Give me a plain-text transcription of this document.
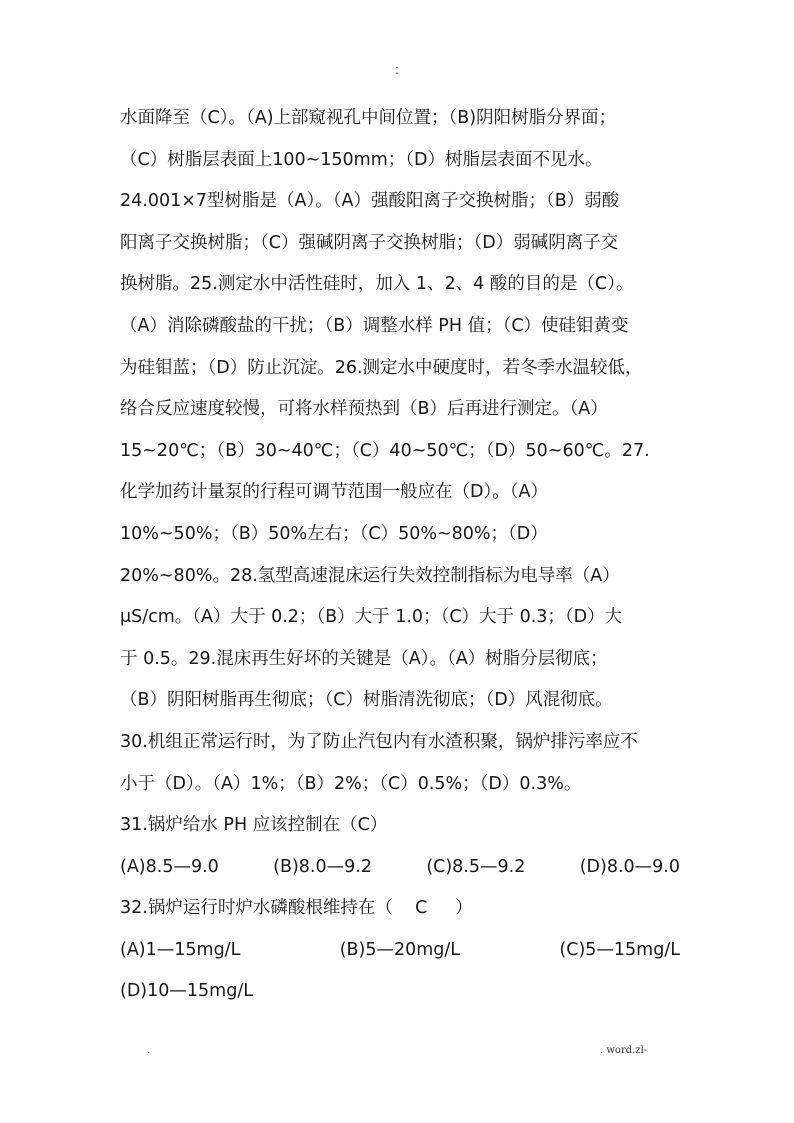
.
-
水面降至（C）。（A)上部窥视孔中间位置；（B)阴阳树脂分界面；
（C）树脂层表面上100~150mm；（D）树脂层表面不见水。
24.001×7型树脂是（A）。（A）强酸阳离子交换树脂；（B）弱酸
阳离子交换树脂；（C）强碱阴离子交换树脂；（D）弱碱阴离子交
换树脂。25.测定水中活性硅时，加入 1、2、4 酸的目的是（C）。
（A）消除磷酸盐的干扰；（B）调整水样 PH 值；（C）使硅钼黄变
为硅钼蓝；（D）防止沉淀。26.测定水中硬度时，若冬季水温较低，
络合反应速度较慢，可将水样预热到（B）后再进行测定。（A）
15~20℃；（B）30~40℃；（C）40~50℃；（D）50~60℃。27.
化学加药计量泵的行程可调节范围一般应在（D）。（A）
10%~50%；（B）50%左右；（C）50%~80%；（D）
20%~80%。28.氢型高速混床运行失效控制指标为电导率（A）
μS/cm。（A）大于 0.2；（B）大于 1.0；（C）大于 0.3；（D）大
于 0.5。29.混床再生好坏的关键是（A）。（A）树脂分层彻底；
（B）阴阳树脂再生彻底；（C）树脂清洗彻底；（D）风混彻底。
30.机组正常运行时，为了防止汽包内有水渣积聚，锅炉排污率应不
小于（D）。（A）1%；（B）2%；（C）0.5%；（D）0.3%。
31.锅炉给水 PH 应该控制在（C）
(A)8.5—9.0	(B)8.0—9.2	(C)8.5—9.2	(D)8.0—9.0
32.锅炉运行时炉水磷酸根维持在（    C     ）
(A)1—15mg/L	(B)5—20mg/L	(C)5—15mg/L
(D)10—15mg/L
.	. word.zl-
